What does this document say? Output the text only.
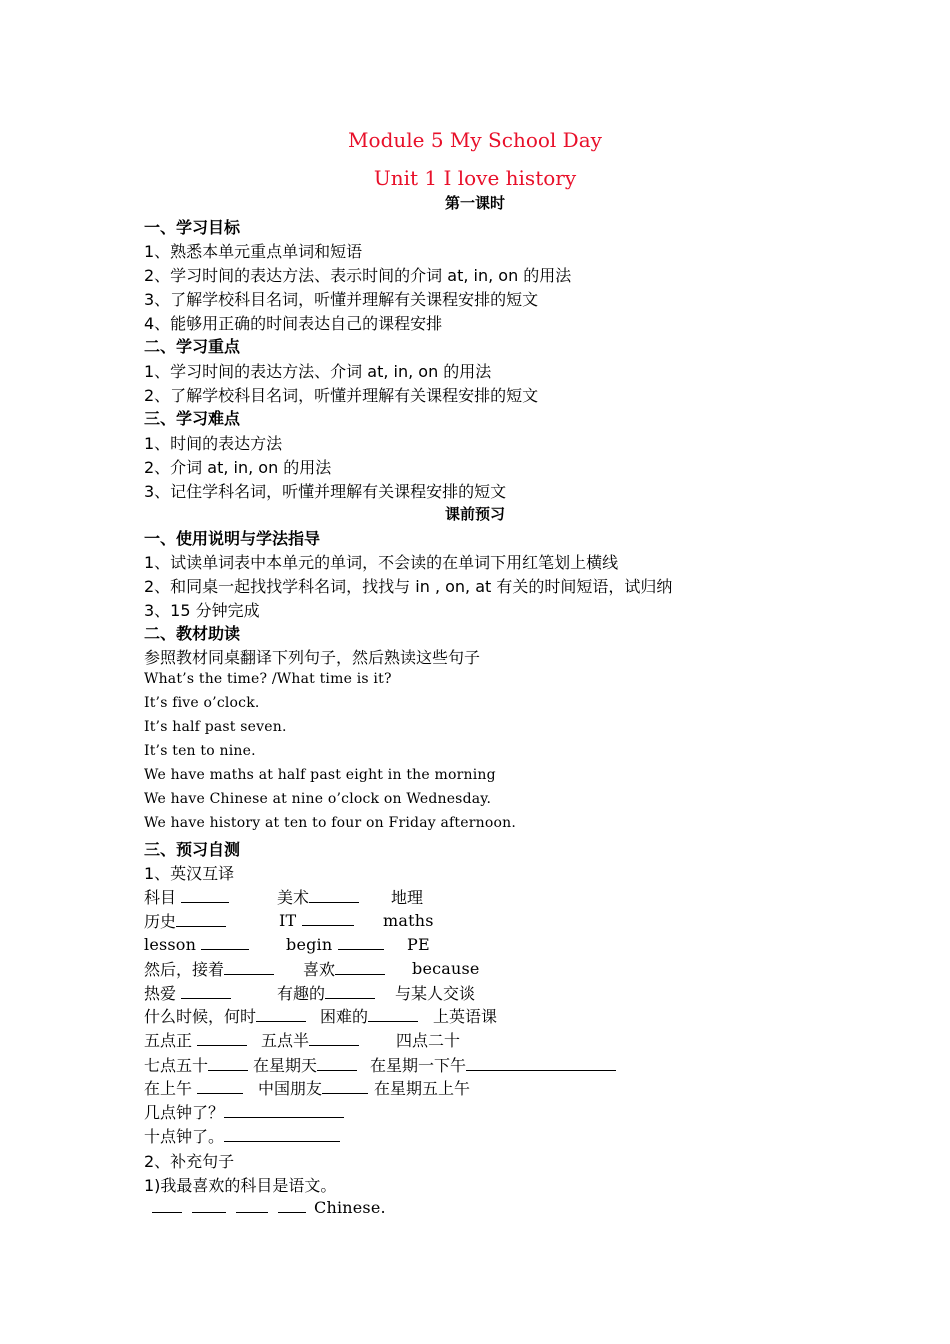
Module 5 My School Day
Unit 1 I love history
第一课时
一、学习目标
1、熟悉本单元重点单词和短语
2、学习时间的表达方法、表示时间的介词 at, in, on 的用法
3、了解学校科目名词，听懂并理解有关课程安排的短文
4、能够用正确的时间表达自己的课程安排
二、学习重点
1、学习时间的表达方法、介词 at, in, on 的用法
2、了解学校科目名词，听懂并理解有关课程安排的短文
三、学习难点
1、时间的表达方法
2、介词 at, in, on 的用法
3、记住学科名词，听懂并理解有关课程安排的短文
课前预习
一、使用说明与学法指导
1、试读单词表中本单元的单词，不会读的在单词下用红笔划上横线
2、和同桌一起找找学科名词，找找与 in , on, at 有关的时间短语，试归纳
3、15 分钟完成
二、教材助读
参照教材同桌翻译下列句子，然后熟读这些句子
What’s the time? /What time is it?
It’s five o’clock.
It’s half past seven.
It’s ten to nine.
We have maths at half past eight in the morning
We have Chinese at nine o’clock on Wednesday.
We have history at ten to four on Friday afternoon.
三、预习自测
1、英汉互译
科目	美术	地理
历史	IT	maths
lesson	begin	PE
然后，接着	喜欢	because
热爱	有趣的	与某人交谈
什么时候，何时	困难的	上英语课
五点正	五点半	四点二十
七点五十	在星期天	在星期一下午
在上午	中国朋友	在星期五上午
几点钟了？
十点钟了。
2、补充句子
1)我最喜欢的科目是语文。
Chinese.
